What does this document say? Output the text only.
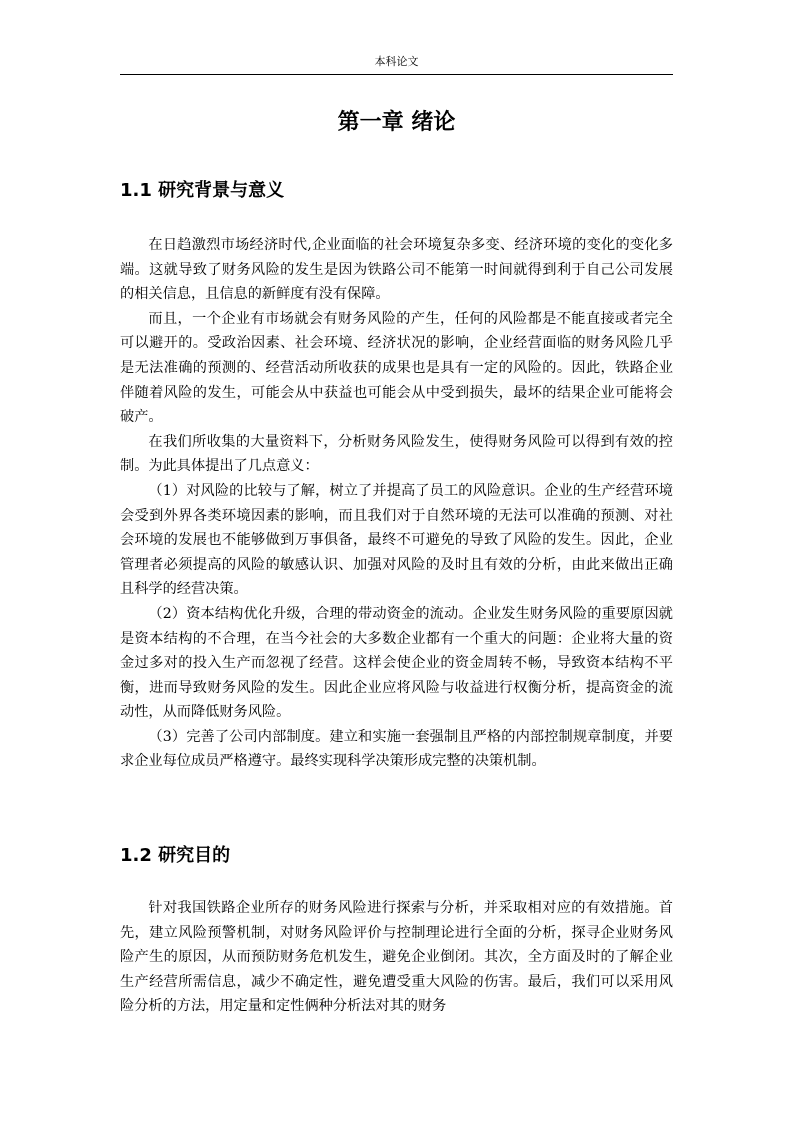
本科论文
第一章 绪论
1.1 研究背景与意义

在日趋激烈市场经济时代,企业面临的社会环境复杂多变、经济环境的变化的变化多端。这就导致了财务风险的发生是因为铁路公司不能第一时间就得到利于自己公司发展的相关信息，且信息的新鲜度有没有保障。

而且，一个企业有市场就会有财务风险的产生，任何的风险都是不能直接或者完全可以避开的。受政治因素、社会环境、经济状况的影响，企业经营面临的财务风险几乎是无法准确的预测的、经营活动所收获的成果也是具有一定的风险的。因此，铁路企业伴随着风险的发生，可能会从中获益也可能会从中受到损失，最坏的结果企业可能将会破产。

在我们所收集的大量资料下，分析财务风险发生，使得财务风险可以得到有效的控制。为此具体提出了几点意义：

（1）对风险的比较与了解，树立了并提高了员工的风险意识。企业的生产经营环境会受到外界各类环境因素的影响，而且我们对于自然环境的无法可以准确的预测、对社会环境的发展也不能够做到万事俱备，最终不可避免的导致了风险的发生。因此，企业管理者必须提高的风险的敏感认识、加强对风险的及时且有效的分析，由此来做出正确且科学的经营决策。

（2）资本结构优化升级，合理的带动资金的流动。企业发生财务风险的重要原因就是资本结构的不合理，在当今社会的大多数企业都有一个重大的问题：企业将大量的资金过多对的投入生产而忽视了经营。这样会使企业的资金周转不畅，导致资本结构不平衡，进而导致财务风险的发生。因此企业应将风险与收益进行权衡分析，提高资金的流动性，从而降低财务风险。

（3）完善了公司内部制度。建立和实施一套强制且严格的内部控制规章制度，并要求企业每位成员严格遵守。最终实现科学决策形成完整的决策机制。

1.2 研究目的

针对我国铁路企业所存的财务风险进行探索与分析，并采取相对应的有效措施。首先，建立风险预警机制，对财务风险评价与控制理论进行全面的分析，探寻企业财务风险产生的原因，从而预防财务危机发生，避免企业倒闭。其次，全方面及时的了解企业生产经营所需信息，减少不确定性，避免遭受重大风险的伤害。最后，我们可以采用风险分析的方法，用定量和定性俩种分析法对其的财务
